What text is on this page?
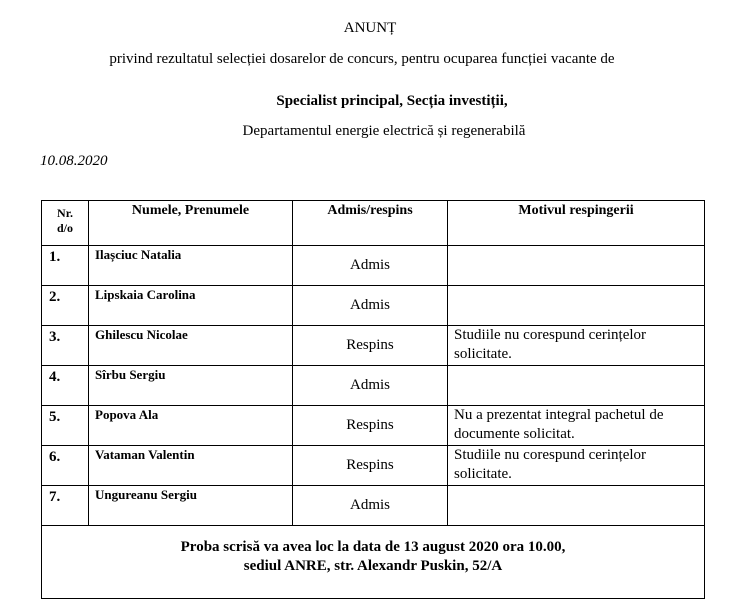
ANUNȚ
privind rezultatul selecției dosarelor de concurs, pentru ocuparea funcției vacante de
Specialist principal, Secția investiții,
Departamentul energie electrică și regenerabilă
10.08.2020
Nr.
d/o	Numele, Prenumele	Admis/respins	Motivul respingerii
1.	Ilașciuc Natalia	Admis	
2.	Lipskaia Carolina	Admis	
3.	Ghilescu Nicolae	Respins	Studiile nu corespund cerințelor solicitate.
4.	Sîrbu Sergiu	Admis	
5.	Popova Ala	Respins	Nu a prezentat integral pachetul de documente solicitat.
6.	Vataman Valentin	Respins	Studiile nu corespund cerințelor solicitate.
7.	Ungureanu Sergiu	Admis	
Proba scrisă va avea loc la data de 13 august 2020 ora 10.00,
sediul ANRE, str. Alexandr Puskin, 52/A			
